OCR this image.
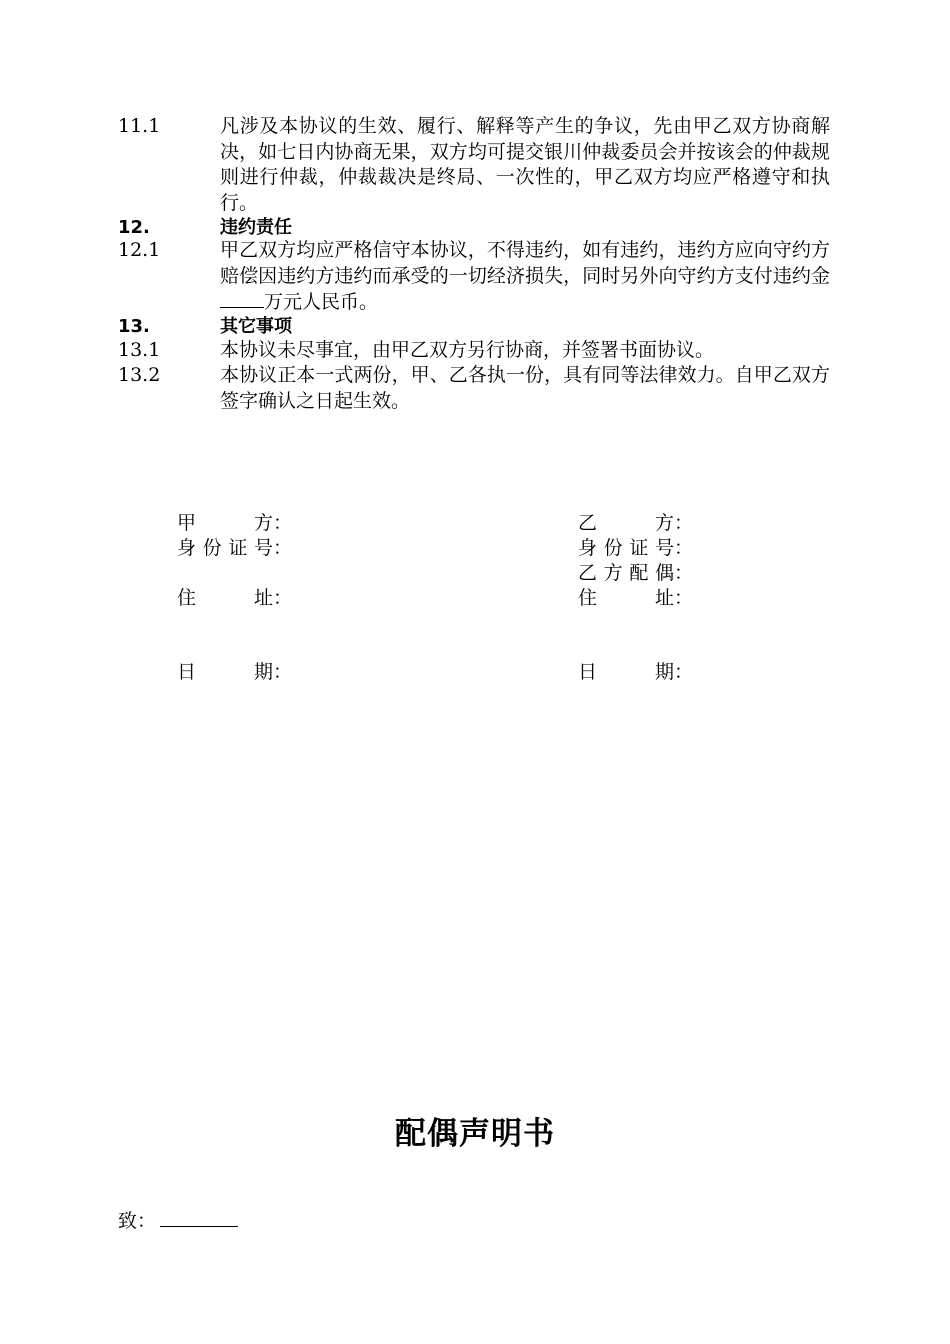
11.1	凡涉及本协议的生效、履行、解释等产生的争议，先由甲乙双方协商解决，如七日内协商无果，双方均可提交银川仲裁委员会并按该会的仲裁规则进行仲裁，仲裁裁决是终局、一次性的，甲乙双方均应严格遵守和执行。
12.	违约责任
12.1	甲乙双方均应严格信守本协议，不得违约，如有违约，违约方应向守约方赔偿因违约方违约而承受的一切经济损失，同时另外向守约方支付违约金万元人民币。
13.	其它事项
13.1	本协议未尽事宜，由甲乙双方另行协商，并签署书面协议。
13.2	本协议正本一式两份，甲、乙各执一份，具有同等法律效力。自甲乙双方签字确认之日起生效。
甲方：
身份证号：
住址：
日期：
乙方：
身份证号：
乙方配偶：
住址：
日期：
配偶声明书
致：
